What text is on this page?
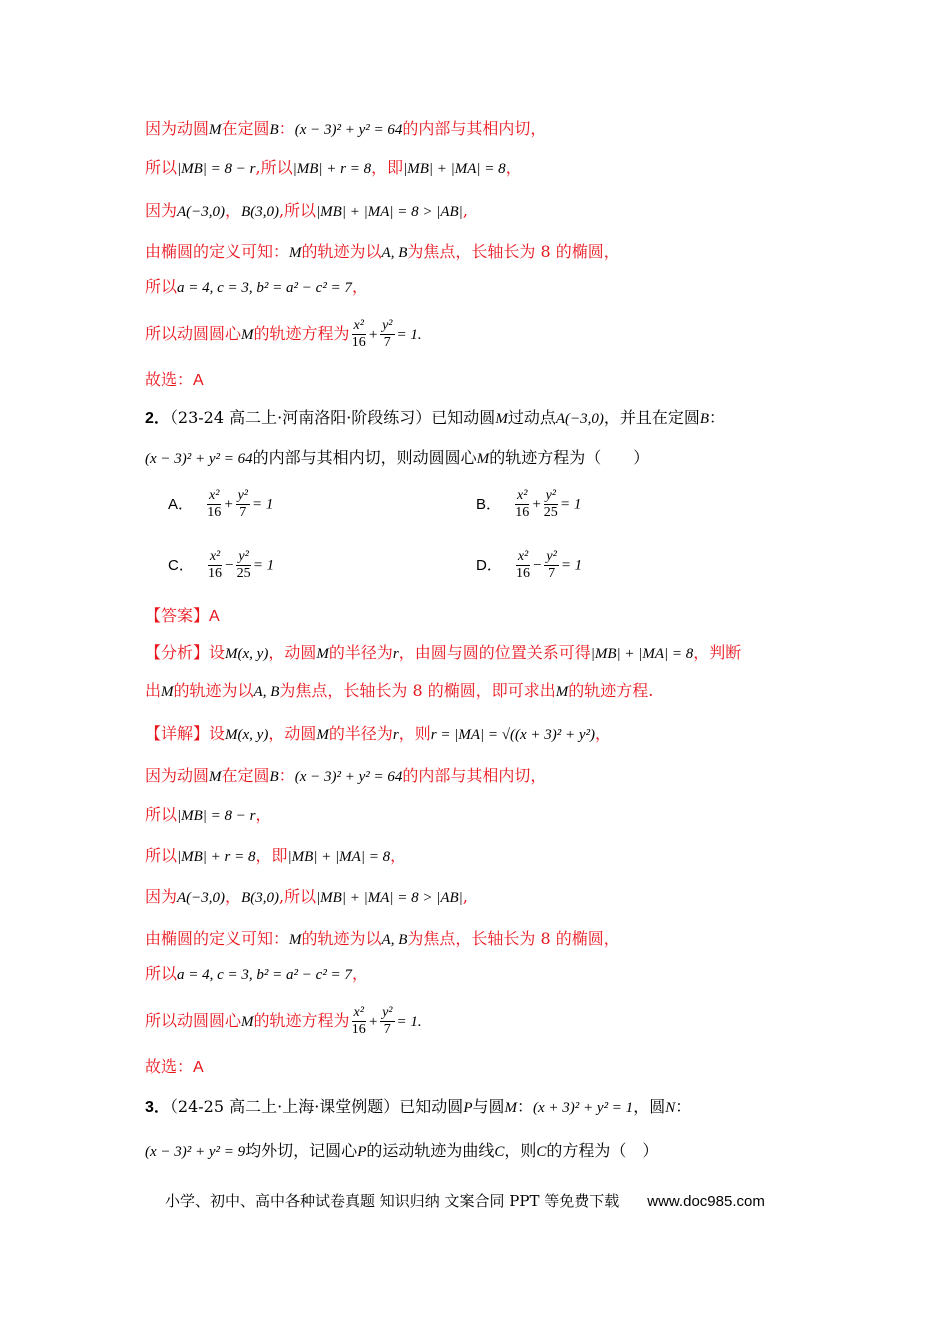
因为动圆M在定圆B：(x − 3)² + y² = 64的内部与其相内切，
所以|MB| = 8 − r,所以|MB| + r = 8，即|MB| + |MA| = 8，
因为A(−3,0)，B(3,0),所以|MB| + |MA| = 8 > |AB|,
由椭圆的定义可知：M的轨迹为以A, B为焦点，长轴长为 8 的椭圆，
所以a = 4, c = 3, b² = a² − c² = 7，
所以动圆圆心M的轨迹方程为 $\frac{\text{x²}}{16} + \frac{\text{y²}}{7} = 1$.
故选：A
2．（23-24 高二上·河南洛阳·阶段练习）已知动圆M过动点A(−3,0)，并且在定圆B：
(x − 3)² + y² = 64的内部与其相内切，则动圆圆心M的轨迹方程为（　　）
A． $\frac{\text{x²}}{16} + \frac{\text{y²}}{7} = 1$	B． $\frac{\text{x²}}{16} + \frac{\text{y²}}{25} = 1$
C． $\frac{\text{x²}}{16} - \frac{\text{y²}}{25} = 1$	D． $\frac{\text{x²}}{16} - \frac{\text{y²}}{7} = 1$
【答案】A
【分析】设M(x, y)，动圆M的半径为r，由圆与圆的位置关系可得|MB| + |MA| = 8，判断
出M的轨迹为以A, B为焦点，长轴长为 8 的椭圆，即可求出M的轨迹方程.
【详解】设M(x, y)，动圆M的半径为r，则r = |MA| = √((x + 3)² + y²)，
因为动圆M在定圆B：(x − 3)² + y² = 64的内部与其相内切，
所以|MB| = 8 − r，
所以|MB| + r = 8，即|MB| + |MA| = 8，
因为A(−3,0)，B(3,0),所以|MB| + |MA| = 8 > |AB|,
由椭圆的定义可知：M的轨迹为以A, B为焦点，长轴长为 8 的椭圆，
所以a = 4, c = 3, b² = a² − c² = 7，
所以动圆圆心M的轨迹方程为 $\frac{\text{x²}}{16} + \frac{\text{y²}}{7} = 1$.
故选：A
3．（24-25 高二上·上海·课堂例题）已知动圆P与圆M：(x + 3)² + y² = 1，圆N：
(x − 3)² + y² = 9均外切，记圆心P的运动轨迹为曲线C，则C的方程为（　）
小学、初中、高中各种试卷真题 知识归纳 文案合同 PPT 等免费下载 www.doc985.com
